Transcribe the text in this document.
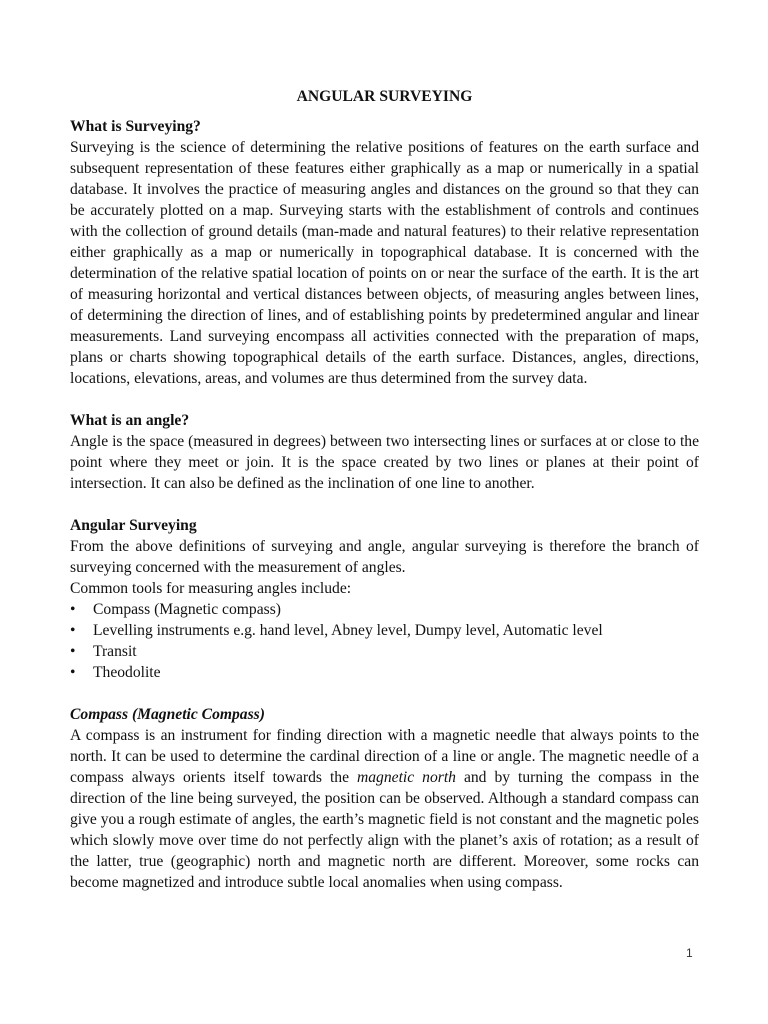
ANGULAR SURVEYING

What is Surveying?

Surveying is the science of determining the relative positions of features on the earth surface and subsequent representation of these features either graphically as a map or numerically in a spatial database. It involves the practice of measuring angles and distances on the ground so that they can be accurately plotted on a map. Surveying starts with the establishment of controls and continues with the collection of ground details (man-made and natural features) to their relative representation either graphically as a map or numerically in topographical database. It is concerned with the determination of the relative spatial location of points on or near the surface of the earth. It is the art of measuring horizontal and vertical distances between objects, of measuring angles between lines, of determining the direction of lines, and of establishing points by predetermined angular and linear measurements. Land surveying encompass all activities connected with the preparation of maps, plans or charts showing topographical details of the earth surface. Distances, angles, directions, locations, elevations, areas, and volumes are thus determined from the survey data.

What is an angle?

Angle is the space (measured in degrees) between two intersecting lines or surfaces at or close to the point where they meet or join. It is the space created by two lines or planes at their point of intersection. It can also be defined as the inclination of one line to another.

Angular Surveying

From the above definitions of surveying and angle, angular surveying is therefore the branch of surveying concerned with the measurement of angles.

Common tools for measuring angles include:

•	Compass (Magnetic compass)
•	Levelling instruments e.g. hand level, Abney level, Dumpy level, Automatic level
•	Transit
•	Theodolite

Compass (Magnetic Compass)

A compass is an instrument for finding direction with a magnetic needle that always points to the north. It can be used to determine the cardinal direction of a line or angle. The magnetic needle of a compass always orients itself towards the magnetic north and by turning the compass in the direction of the line being surveyed, the position can be observed. Although a standard compass can give you a rough estimate of angles, the earth’s magnetic field is not constant and the magnetic poles which slowly move over time do not perfectly align with the planet’s axis of rotation; as a result of the latter, true (geographic) north and magnetic north are different. Moreover, some rocks can become magnetized and introduce subtle local anomalies when using compass.

1
